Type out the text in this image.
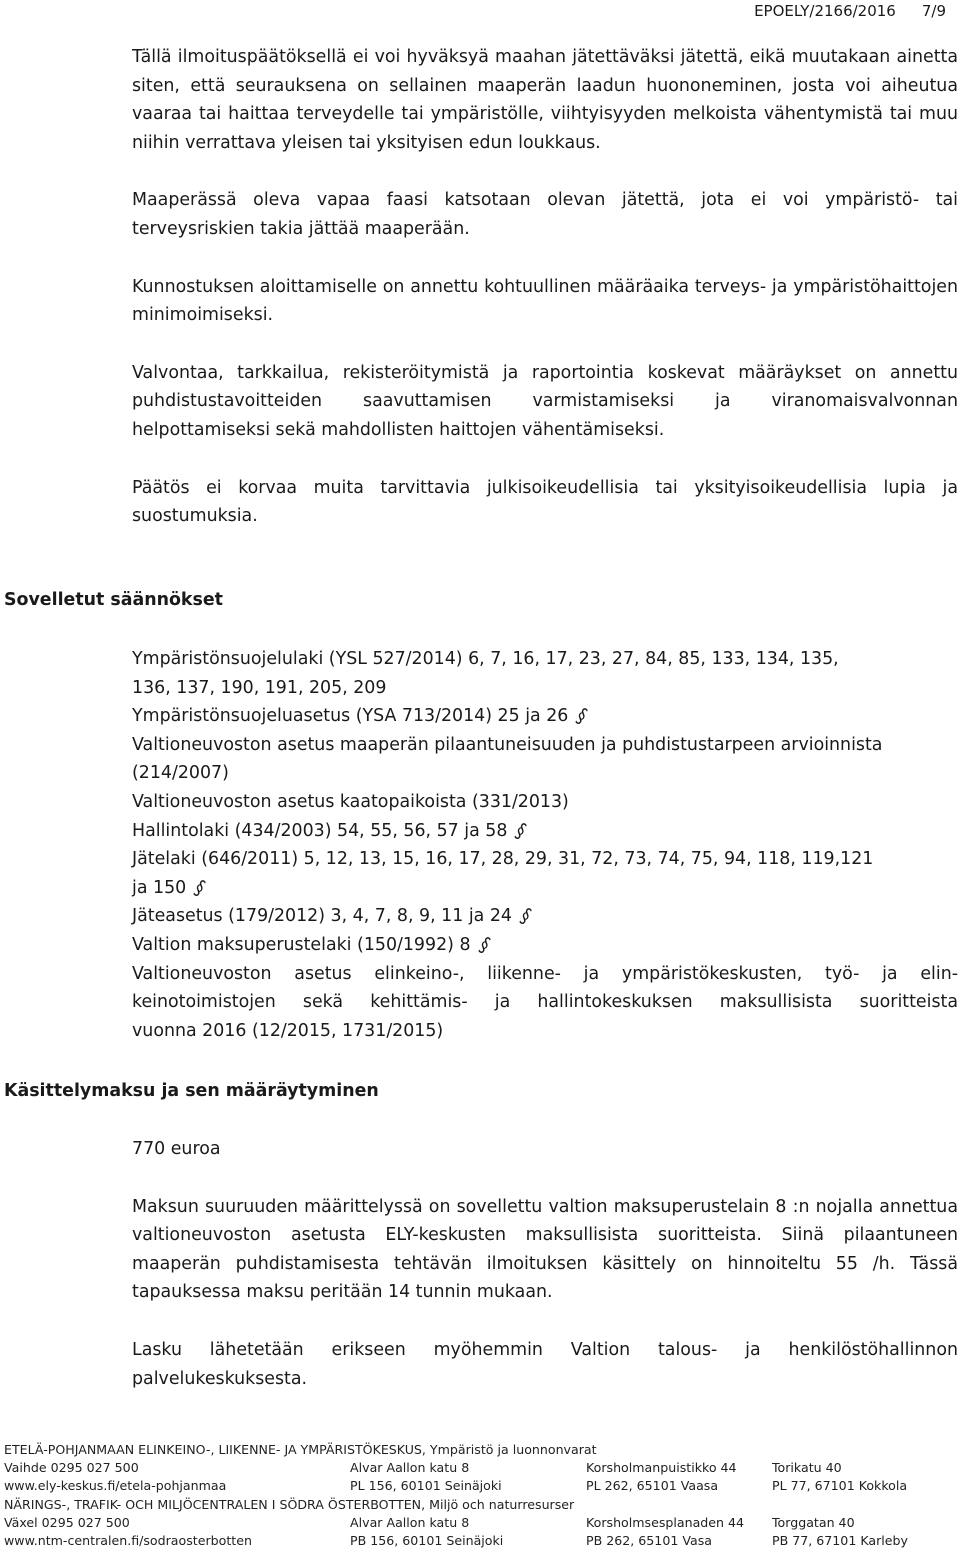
EPOELY/2166/2016 7/9

Tällä ilmoituspäätöksellä ei voi hyväksyä maahan jätettäväksi jätettä, eikä muutakaan ainetta siten, että seurauksena on sellainen maaperän laadun huononeminen, josta voi aiheutua vaaraa tai haittaa terveydelle tai ympäristölle, viihtyisyyden melkoista vähentymistä tai muu niihin verrattava yleisen tai yksityisen edun loukkaus.

Maaperässä oleva vapaa faasi katsotaan olevan jätettä, jota ei voi ympäristö- tai terveysriskien takia jättää maaperään.

Kunnostuksen aloittamiselle on annettu kohtuullinen määräaika terveys- ja ympäristöhaittojen minimoimiseksi.

Valvontaa, tarkkailua, rekisteröitymistä ja raportointia koskevat määräykset on annettu puhdistustavoitteiden saavuttamisen varmistamiseksi ja viranomaisvalvonnan helpottamiseksi sekä mahdollisten haittojen vähentämiseksi.

Päätös ei korvaa muita tarvittavia julkisoikeudellisia tai yksityisoikeudellisia lupia ja suostumuksia.

Sovelletut säännökset
Ympäristönsuojelulaki (YSL 527/2014) 6, 7, 16, 17, 23, 27, 84, 85, 133, 134, 135,
136, 137, 190, 191, 205, 209
Ympäristönsuojeluasetus (YSA 713/2014) 25 ja 26 §
Valtioneuvoston asetus maaperän pilaantuneisuuden ja puhdistustarpeen arvioinnista
(214/2007)
Valtioneuvoston asetus kaatopaikoista (331/2013)
Hallintolaki (434/2003) 54, 55, 56, 57 ja 58 §
Jätelaki (646/2011) 5, 12, 13, 15, 16, 17, 28, 29, 31, 72, 73, 74, 75, 94, 118, 119,121
ja 150 §
Jäteasetus (179/2012) 3, 4, 7, 8, 9, 11 ja 24 §
Valtion maksuperustelaki (150/1992) 8 §
Valtioneuvoston asetus elinkeino-, liikenne- ja ympäristökeskusten, työ- ja elin-
keinotoimistojen sekä kehittämis- ja hallintokeskuksen maksullisista suoritteista
vuonna 2016 (12/2015, 1731/2015)
Käsittelymaksu ja sen määräytyminen

770 euroa

Maksun suuruuden määrittelyssä on sovellettu valtion maksuperustelain 8 :n nojalla annettua valtioneuvoston asetusta ELY-keskusten maksullisista suoritteista. Siinä pilaantuneen maaperän puhdistamisesta tehtävän ilmoituksen käsittely on hinnoiteltu 55 /h. Tässä tapauksessa maksu peritään 14 tunnin mukaan.

Lasku lähetetään erikseen myöhemmin Valtion talous- ja henkilöstöhallinnon palvelukeskuksesta.

ETELÄ-POHJANMAAN ELINKEINO-, LIIKENNE- JA YMPÄRISTÖKESKUS, Ympäristö ja luonnonvarat
Vaihde 0295 027 500	Alvar Aallon katu 8	Korsholmanpuistikko 44	Torikatu 40
www.ely-keskus.fi/etela-pohjanmaa	PL 156, 60101 Seinäjoki	PL 262, 65101 Vaasa	PL 77, 67101 Kokkola
NÄRINGS-, TRAFIK- OCH MILJÖCENTRALEN I SÖDRA ÖSTERBOTTEN, Miljö och naturresurser
Växel 0295 027 500	Alvar Aallon katu 8	Korsholmsesplanaden 44	Torggatan 40
www.ntm-centralen.fi/sodraosterbotten	PB 156, 60101 Seinäjoki	PB 262, 65101 Vasa	PB 77, 67101 Karleby
